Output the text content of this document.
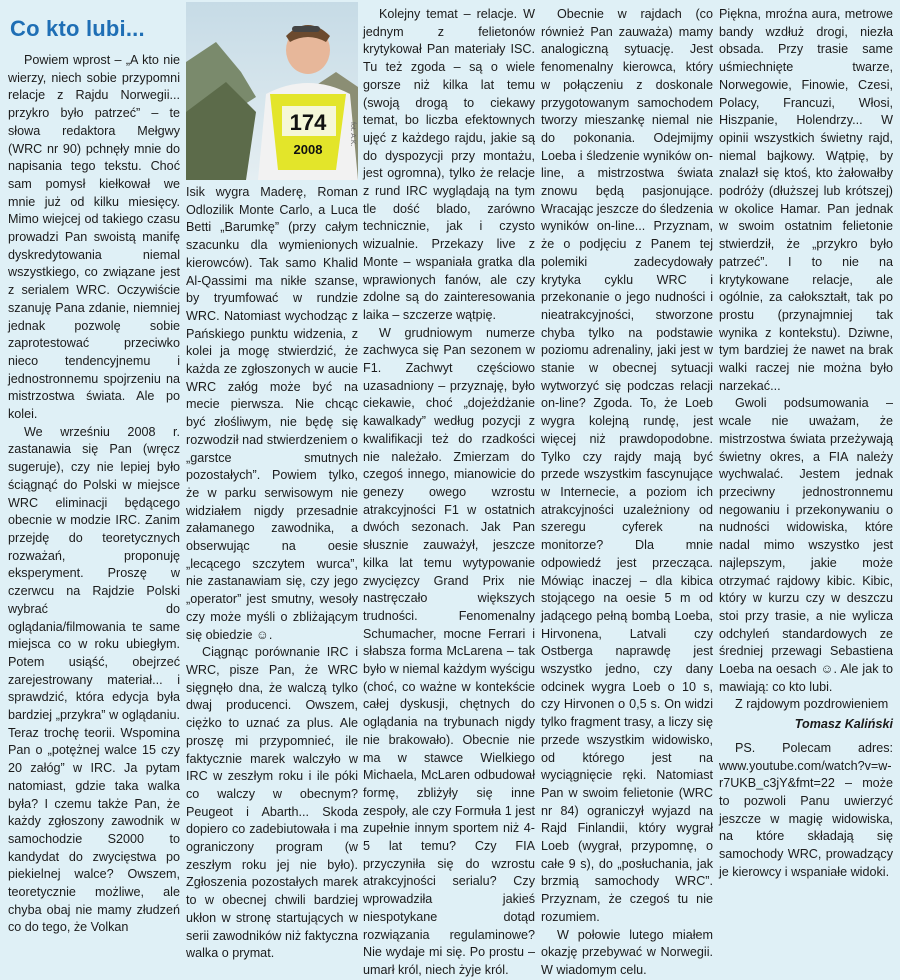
Co kto lubi...
174
2008
fot. A.K.

Powiem wprost – „A kto nie wierzy, niech sobie przypomni relacje z Rajdu Norwegii... przykro było patrzeć” – te słowa redaktora Mełgwy (WRC nr 90) pchnęły mnie do napisania tego tekstu. Choć sam pomysł kiełkował we mnie już od kilku miesięcy. Mimo wiejcej od takiego czasu prowadzi Pan swoistą manifę dyskredytowania niemal wszystkiego, co związane jest z serialem WRC. Oczywiście szanuję Pana zdanie, niemniej jednak pozwolę sobie zaprotestować przeciwko nieco tendencyjnemu i jednostronnemu spojrzeniu na mistrzostwa świata. Ale po kolei.

We wrześniu 2008 r. zastanawia się Pan (wręcz sugeruje), czy nie lepiej było ściągnąć do Polski w miejsce WRC eliminacji będącego obecnie w modzie IRC. Zanim przejdę do teoretycznych rozważań, proponuję eksperyment. Proszę w czerwcu na Rajdzie Polski wybrać do oglądania/filmowania te same miejsca co w roku ubiegłym. Potem usiąść, obejrzeć zarejestrowany materiał... i sprawdzić, która edycja była bardziej „przykra” w oglądaniu. Teraz trochę teorii. Wspomina Pan o „potężnej walce 15 czy 20 załóg” w IRC. Ja pytam natomiast, gdzie taka walka była? I czemu także Pan, że każdy zgłoszony zawodnik w samochodzie S2000 to kandydat do zwycięstwa po piekielnej walce? Owszem, teoretycznie możliwe, ale chyba obaj nie mamy złudzeń co do tego, że Volkan

Isik wygra Maderę, Roman Odlozilik Monte Carlo, a Luca Betti „Barumkę” (przy całym szacunku dla wymienionych kierowców). Tak samo Khalid Al-Qassimi ma nikłe szanse, by tryumfować w rundzie WRC. Natomiast wychodząc z Pańskiego punktu widzenia, z kolei ja mogę stwierdzić, że każda ze zgłoszonych w aucie WRC załóg może być na mecie pierwsza. Nie chcąc być złośliwym, nie będę się rozwodził nad stwierdzeniem o „garstce smutnych pozostałych”. Powiem tylko, że w parku serwisowym nie widziałem nigdy przesadnie załamanego zawodnika, a obserwując na oesie „lecącego szczytem wurca”, nie zastanawiam się, czy jego „operator” jest smutny, wesoły czy może myśli o zbliżającym się obiedzie ☺.

Ciągnąc porównanie IRC i WRC, pisze Pan, że WRC sięgnęło dna, że walczą tylko dwaj producenci. Owszem, ciężko to uznać za plus. Ale proszę mi przypomnieć, ile faktycznie marek walczyło w IRC w zeszłym roku i ile póki co walczy w obecnym? Peugeot i Abarth... Skoda dopiero co zadebiutowała i ma ograniczony program (w zeszłym roku jej nie było). Zgłoszenia pozostałych marek to w obecnej chwili bardziej ukłon w stronę startujących w serii zawodników niż faktyczna walka o prymat.

Kolejny temat – relacje. W jednym z felietonów krytykował Pan materiały ISC. Tu też zgoda – są o wiele gorsze niż kilka lat temu (swoją drogą to ciekawy temat, bo liczba efektownych ujęć z każdego rajdu, jakie są do dyspozycji przy montażu, jest ogromna), tylko że relacje z rund IRC wyglądają na tym tle dość blado, zarówno technicznie, jak i czysto wizualnie. Przekazy live z Monte – wspaniała gratka dla wprawionych fanów, ale czy zdolne są do zainteresowania laika – szczerze wątpię.

W grudniowym numerze zachwyca się Pan sezonem w F1. Zachwyt częściowo uzasadniony – przyznaję, było ciekawie, choć „dojeżdżanie kawalkady” według pozycji z kwalifikacji też do rzadkości nie należało. Zmierzam do czegoś innego, mianowicie do genezy owego wzrostu atrakcyjności F1 w ostatnich dwóch sezonach. Jak Pan słusznie zauważył, jeszcze kilka lat temu wytypowanie zwycięzcy Grand Prix nie nastręczało większych trudności. Fenomenalny Schumacher, mocne Ferrari i słabsza forma McLarena – tak było w niemal każdym wyścigu (choć, co ważne w kontekście całej dyskusji, chętnych do oglądania na trybunach nigdy nie brakowało). Obecnie nie ma w stawce Wielkiego Michaela, McLaren odbudował formę, zbliżyły się inne zespoły, ale czy Formuła 1 jest zupełnie innym sportem niż 4-5 lat temu? Czy FIA przyczyniła się do wzrostu atrakcyjności serialu? Czy wprowadziła jakieś niespotykane dotąd rozwiązania regulaminowe? Nie wydaje mi się. Po prostu – umarł król, niech żyje król.

Obecnie w rajdach (co również Pan zauważa) mamy analogiczną sytuację. Jest fenomenalny kierowca, który w połączeniu z doskonale przygotowanym samochodem tworzy mieszankę niemal nie do pokonania. Odejmijmy Loeba i śledzenie wyników on-line, a mistrzostwa świata znowu będą pasjonujące. Wracając jeszcze do śledzenia wyników on-line... Przyznam, że o podjęciu z Panem tej polemiki zadecydowały krytyka cyklu WRC i przekonanie o jego nudności i nieatrakcyjności, stworzone chyba tylko na podstawie poziomu adrenaliny, jaki jest w stanie w obecnej sytuacji wytworzyć się podczas relacji on-line? Zgoda. To, że Loeb wygra kolejną rundę, jest więcej niż prawdopodobne. Tylko czy rajdy mają być przede wszystkim fascynujące w Internecie, a poziom ich atrakcyjności uzależniony od szeregu cyferek na monitorze? Dla mnie odpowiedź jest przecząca. Mówiąc inaczej – dla kibica stojącego na oesie 5 m od jadącego pełną bombą Loeba, Hirvonena, Latvali czy Ostberga naprawdę jest wszystko jedno, czy dany odcinek wygra Loeb o 10 s, czy Hirvonen o 0,5 s. On widzi tylko fragment trasy, a liczy się przede wszystkim widowisko, od którego jest na wyciągnięcie ręki. Natomiast Pan w swoim felietonie (WRC nr 84) ograniczył wyjazd na Rajd Finlandii, który wygrał Loeb (wygrał, przypomnę, o całe 9 s), do „posłuchania, jak brzmią samochody WRC”. Przyznam, że czegoś tu nie rozumiem.

W połowie lutego miałem okazję przebywać w Norwegii. W wiadomym celu.

Piękna, mroźna aura, metrowe bandy wzdłuż drogi, niezła obsada. Przy trasie same uśmiechnięte twarze, Norwegowie, Finowie, Czesi, Polacy, Francuzi, Włosi, Hiszpanie, Holendrzy... W opinii wszystkich świetny rajd, niemal bajkowy. Wątpię, by znalazł się ktoś, kto żałowałby podróży (dłuższej lub krótszej) w okolice Hamar. Pan jednak w swoim ostatnim felietonie stwierdził, że „przykro było patrzeć”. I to nie na krytykowane relacje, ale ogólnie, za całokształt, tak po prostu (przynajmniej tak wynika z kontekstu). Dziwne, tym bardziej że nawet na brak walki raczej nie można było narzekać...

Gwoli podsumowania – wcale nie uważam, że mistrzostwa świata przeżywają świetny okres, a FIA należy wychwalać. Jestem jednak przeciwny jednostronnemu negowaniu i przekonywaniu o nudności widowiska, które nadal mimo wszystko jest najlepszym, jakie może otrzymać rajdowy kibic. Kibic, który w kurzu czy w deszczu stoi przy trasie, a nie wylicza odchyleń standardowych ze średniej przewagi Sebastiena Loeba na oesach ☺. Ale jak to mawiają: co kto lubi.

Z rajdowym pozdrowieniem

Tomasz Kaliński

PS. Polecam adres: www.youtube.com/watch?v=w-r7UKB_c3jY&fmt=22 – może to pozwoli Panu uwierzyć jeszcze w magię widowiska, na które składają się samochody WRC, prowadzący je kierowcy i wspaniałe widoki.
